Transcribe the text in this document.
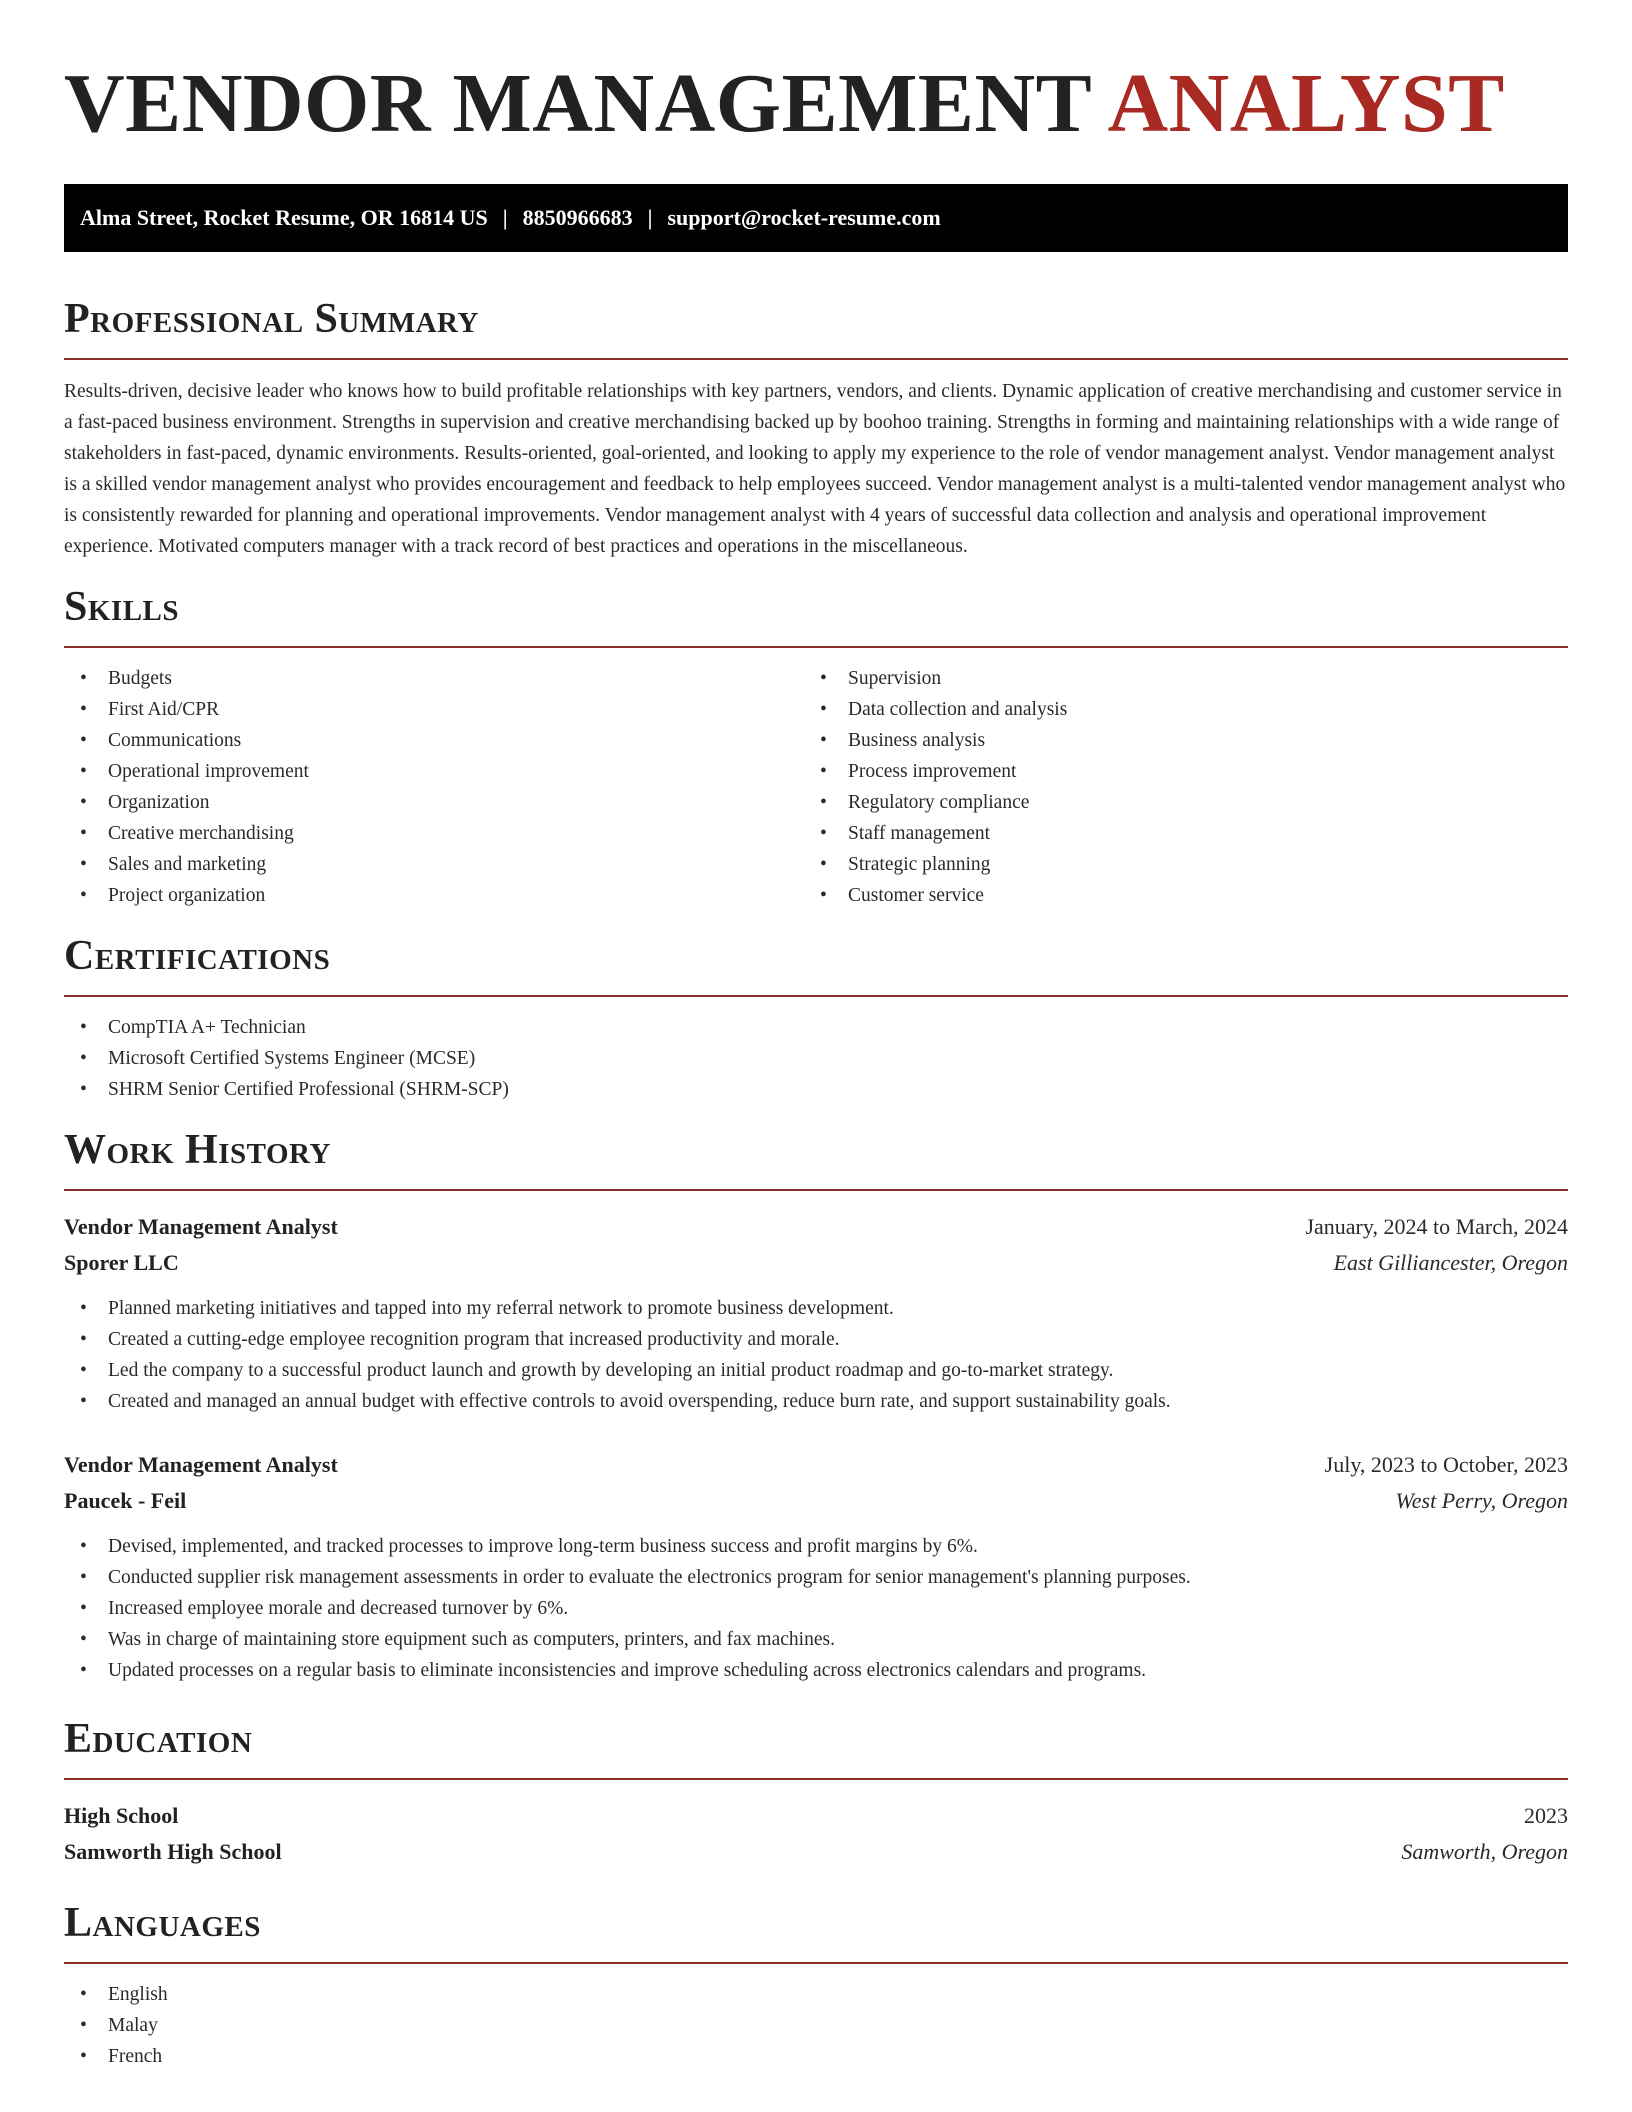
VENDOR MANAGEMENT ANALYST
Alma Street, Rocket Resume, OR 16814 US | 8850966683 | support@rocket-resume.com
Professional Summary

Results-driven, decisive leader who knows how to build profitable relationships with key partners, vendors, and clients. Dynamic application of creative merchandising and customer service in a fast-paced business environment. Strengths in supervision and creative merchandising backed up by boohoo training. Strengths in forming and maintaining relationships with a wide range of stakeholders in fast-paced, dynamic environments. Results-oriented, goal-oriented, and looking to apply my experience to the role of vendor management analyst. Vendor management analyst is a skilled vendor management analyst who provides encouragement and feedback to help employees succeed. Vendor management analyst is a multi-talented vendor management analyst who is consistently rewarded for planning and operational improvements. Vendor management analyst with 4 years of successful data collection and analysis and operational improvement experience. Motivated computers manager with a track record of best practices and operations in the miscellaneous.

Skills
• Budgets
• First Aid/CPR
• Communications
• Operational improvement
• Organization
• Creative merchandising
• Sales and marketing
• Project organization
• Supervision
• Data collection and analysis
• Business analysis
• Process improvement
• Regulatory compliance
• Staff management
• Strategic planning
• Customer service
Certifications
• CompTIA A+ Technician
• Microsoft Certified Systems Engineer (MCSE)
• SHRM Senior Certified Professional (SHRM-SCP)
Work History
Vendor Management Analyst	January, 2024 to March, 2024
Sporer LLC	East Gilliancester, Oregon
• Planned marketing initiatives and tapped into my referral network to promote business development.
• Created a cutting-edge employee recognition program that increased productivity and morale.
• Led the company to a successful product launch and growth by developing an initial product roadmap and go-to-market strategy.
• Created and managed an annual budget with effective controls to avoid overspending, reduce burn rate, and support sustainability goals.
Vendor Management Analyst	July, 2023 to October, 2023
Paucek - Feil	West Perry, Oregon
• Devised, implemented, and tracked processes to improve long-term business success and profit margins by 6%.
• Conducted supplier risk management assessments in order to evaluate the electronics program for senior management's planning purposes.
• Increased employee morale and decreased turnover by 6%.
• Was in charge of maintaining store equipment such as computers, printers, and fax machines.
• Updated processes on a regular basis to eliminate inconsistencies and improve scheduling across electronics calendars and programs.
Education
High School	2023
Samworth High School	Samworth, Oregon
Languages
• English
• Malay
• French
